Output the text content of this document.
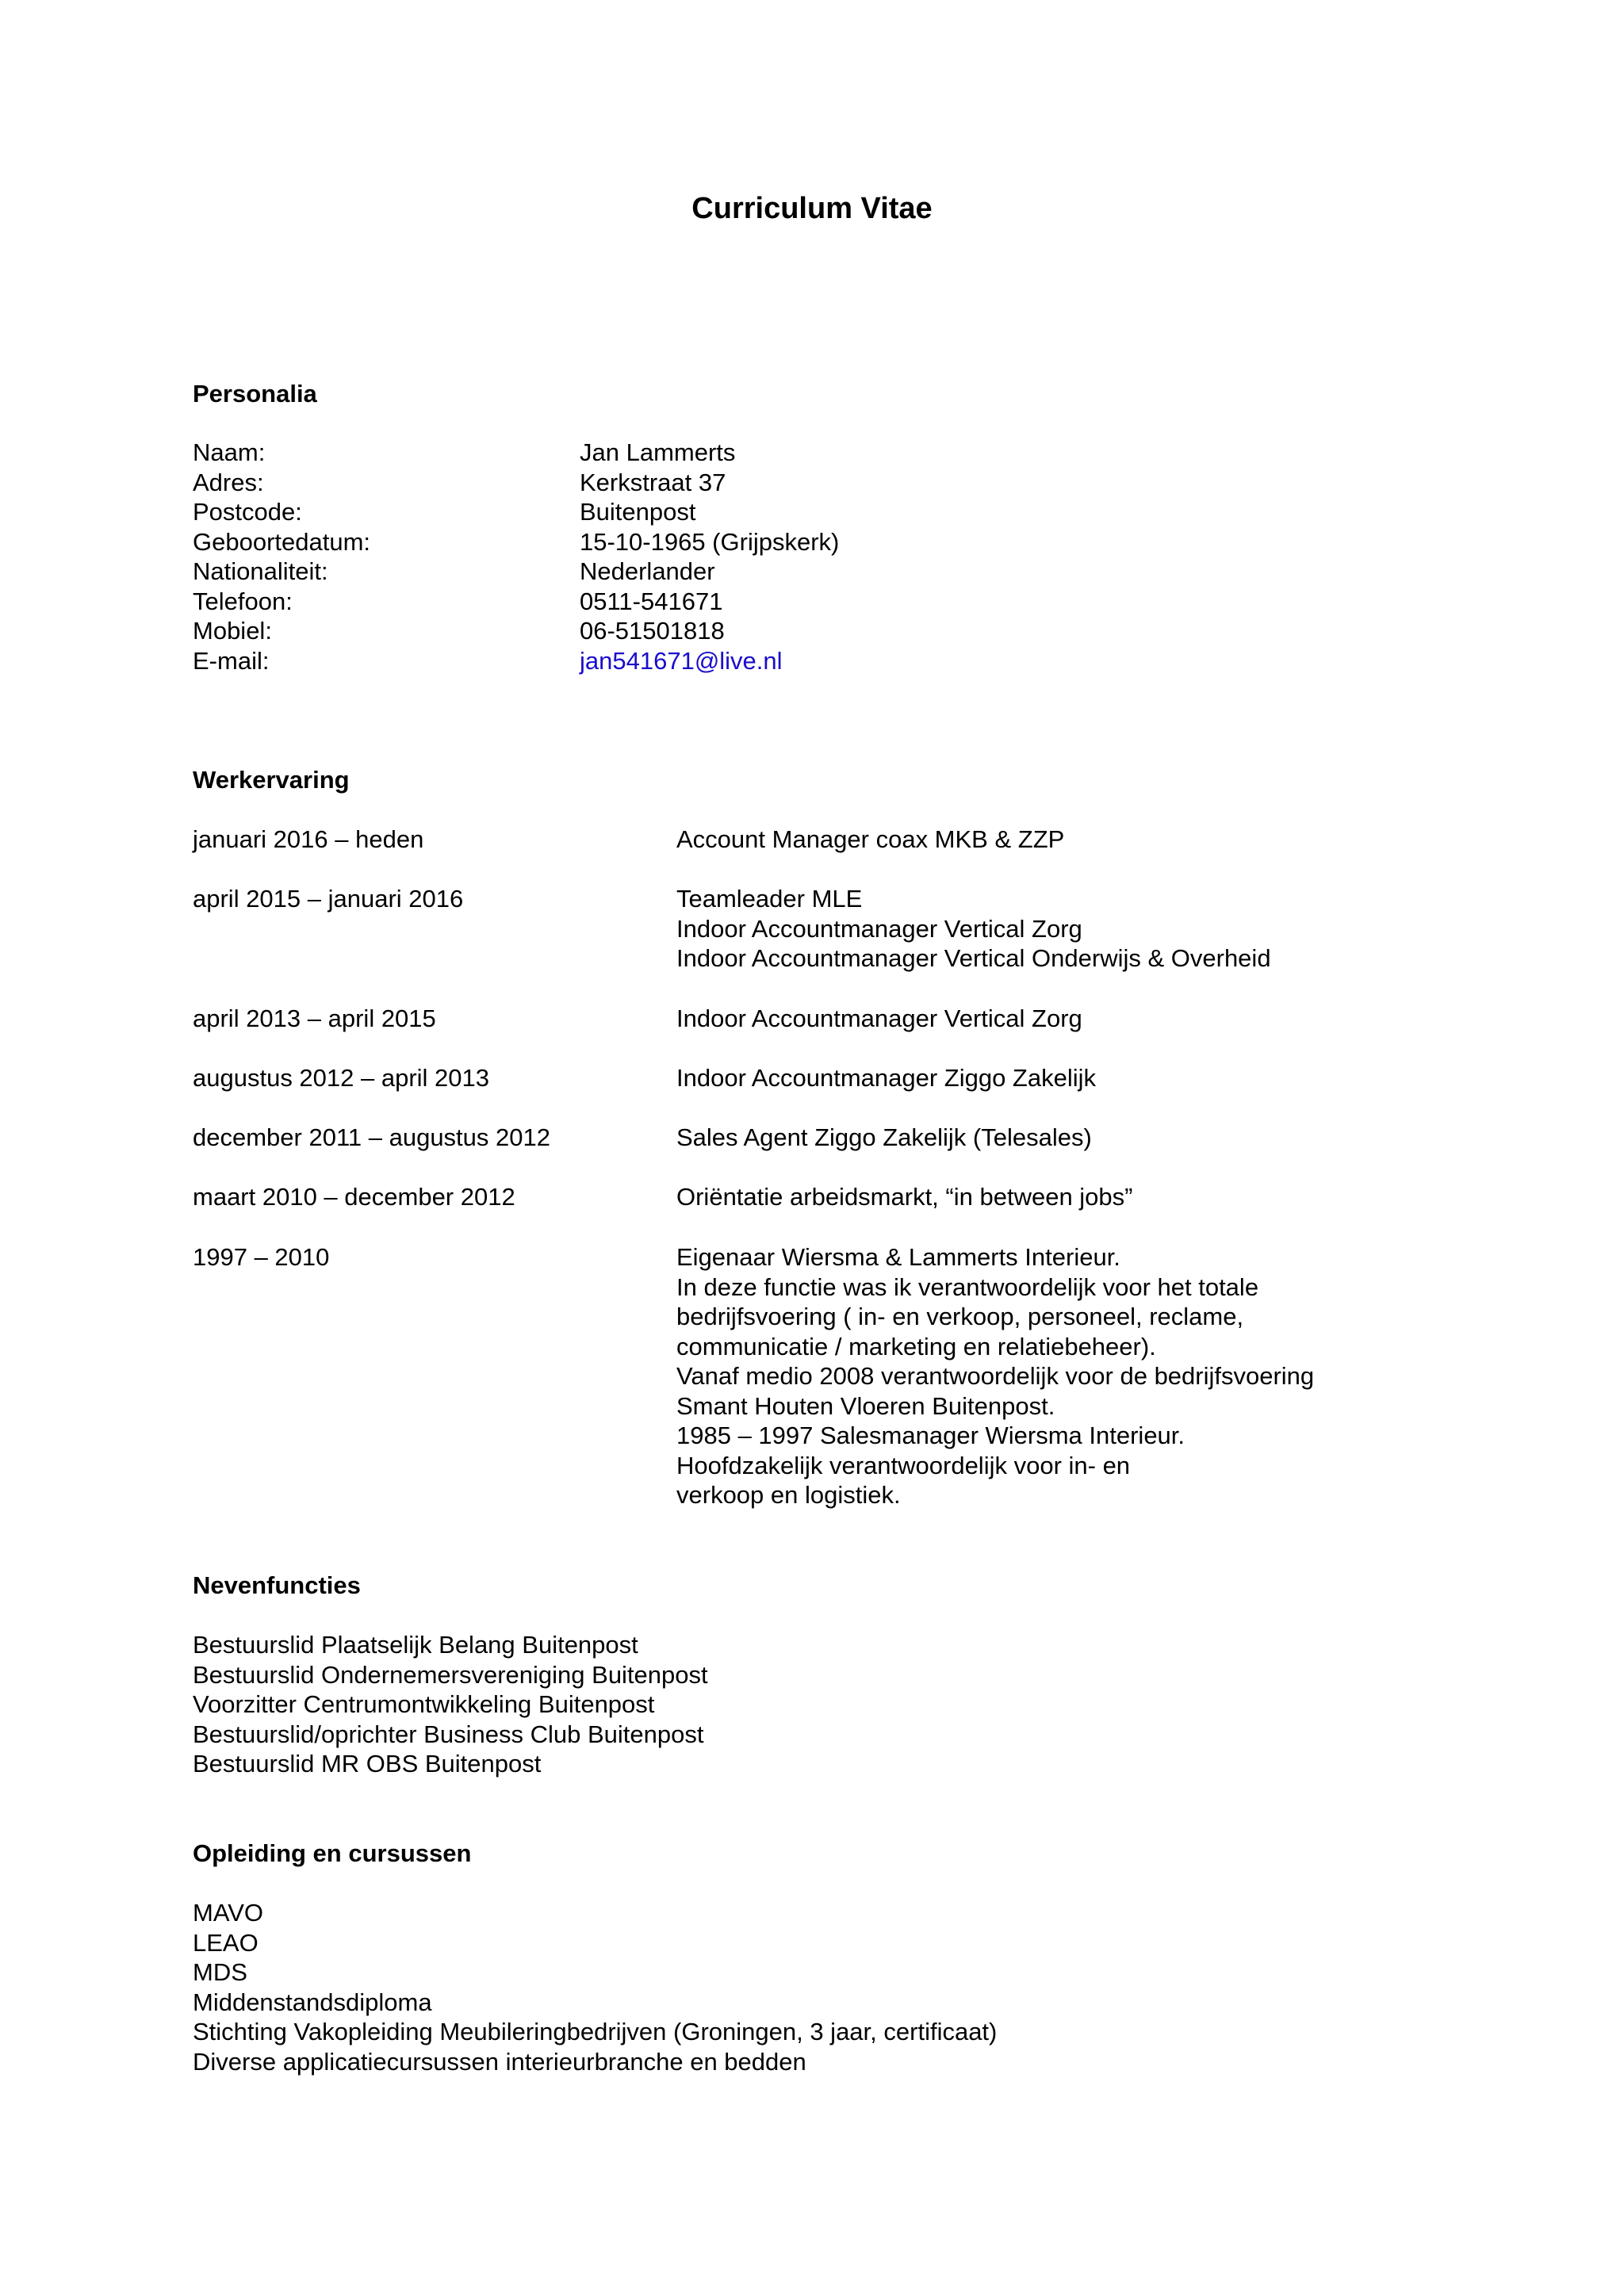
Curriculum Vitae
Personalia
Naam:	Jan Lammerts
Adres:	Kerkstraat 37
Postcode:	Buitenpost
Geboortedatum:	15-10-1965 (Grijpskerk)
Nationaliteit:	Nederlander
Telefoon:	0511-541671
Mobiel:	06-51501818
E-mail:	jan541671@live.nl
Werkervaring
januari 2016 – heden	Account Manager coax MKB & ZZP
april 2015 – januari 2016	Teamleader MLE
Indoor Accountmanager Vertical Zorg
Indoor Accountmanager Vertical Onderwijs & Overheid
april 2013 – april 2015	Indoor Accountmanager Vertical Zorg
augustus 2012 – april 2013	Indoor Accountmanager Ziggo Zakelijk
december 2011 – augustus 2012	Sales Agent Ziggo Zakelijk (Telesales)
maart 2010 – december 2012	Oriëntatie arbeidsmarkt, “in between jobs”
1997 – 2010	Eigenaar Wiersma & Lammerts Interieur.
In deze functie was ik verantwoordelijk voor het totale
bedrijfsvoering ( in- en verkoop, personeel, reclame,
communicatie / marketing en relatiebeheer).
Vanaf medio 2008 verantwoordelijk voor de bedrijfsvoering
Smant Houten Vloeren Buitenpost.
1985 – 1997 Salesmanager Wiersma Interieur.
Hoofdzakelijk verantwoordelijk voor in- en
verkoop en logistiek.
Nevenfuncties
Bestuurslid Plaatselijk Belang Buitenpost
Bestuurslid Ondernemersvereniging Buitenpost
Voorzitter Centrumontwikkeling Buitenpost
Bestuurslid/oprichter Business Club Buitenpost
Bestuurslid MR OBS Buitenpost
Opleiding en cursussen
MAVO
LEAO
MDS
Middenstandsdiploma
Stichting Vakopleiding Meubileringbedrijven (Groningen, 3 jaar, certificaat)
Diverse applicatiecursussen interieurbranche en bedden
